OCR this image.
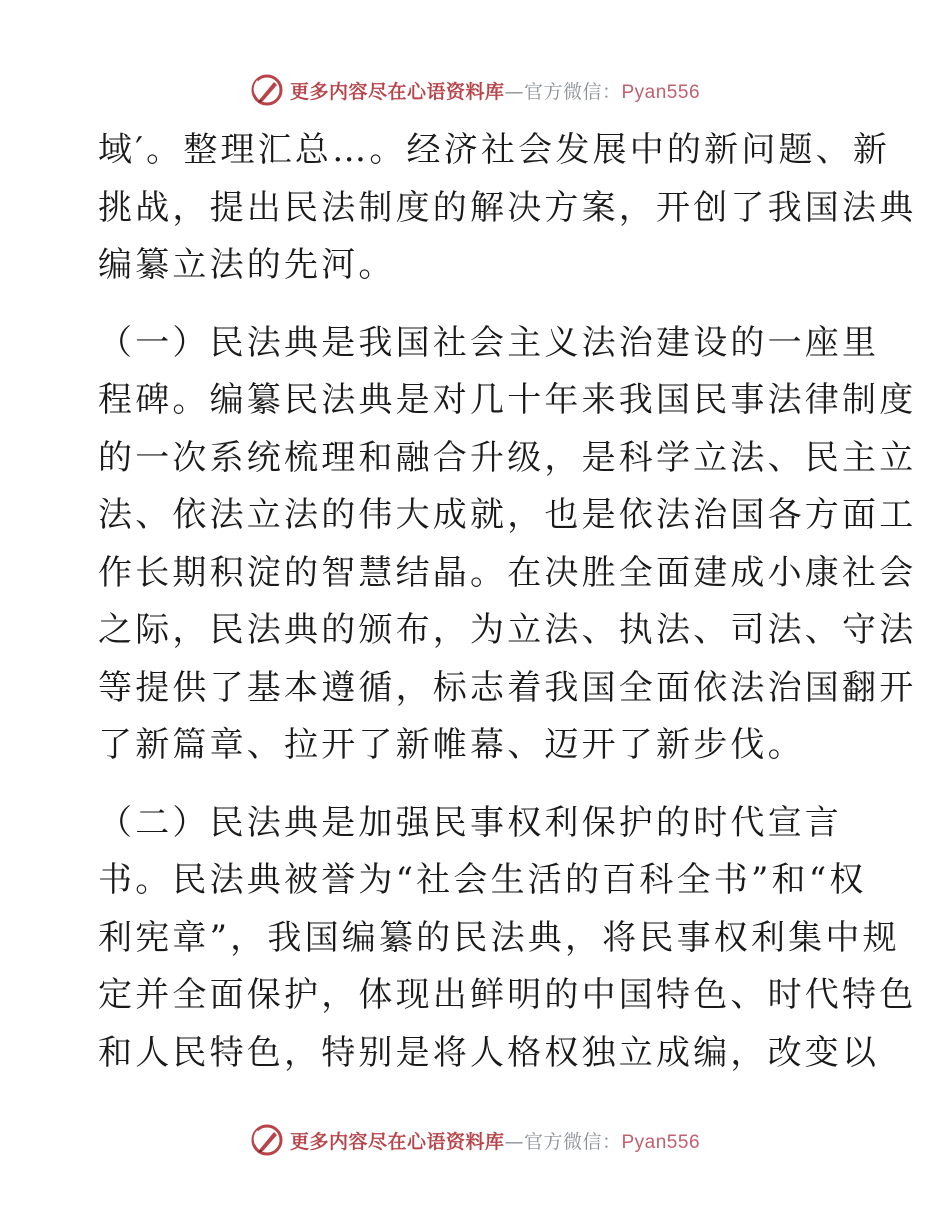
更多内容尽在心语资料库—官方微信：Pyan556
域′。整理汇总…。经济社会发展中的新问题、新
挑战，提出民法制度的解决方案，开创了我国法典
编纂立法的先河。
（一）民法典是我国社会主义法治建设的一座里
程碑。编纂民法典是对几十年来我国民事法律制度
的一次系统梳理和融合升级，是科学立法、民主立
法、依法立法的伟大成就，也是依法治国各方面工
作长期积淀的智慧结晶。在决胜全面建成小康社会
之际，民法典的颁布，为立法、执法、司法、守法
等提供了基本遵循，标志着我国全面依法治国翻开
了新篇章、拉开了新帷幕、迈开了新步伐。
（二）民法典是加强民事权利保护的时代宣言
书。民法典被誉为“社会生活的百科全书”和“权
利宪章”，我国编纂的民法典，将民事权利集中规
定并全面保护，体现出鲜明的中国特色、时代特色
和人民特色，特别是将人格权独立成编，改变以
更多内容尽在心语资料库—官方微信：Pyan556
